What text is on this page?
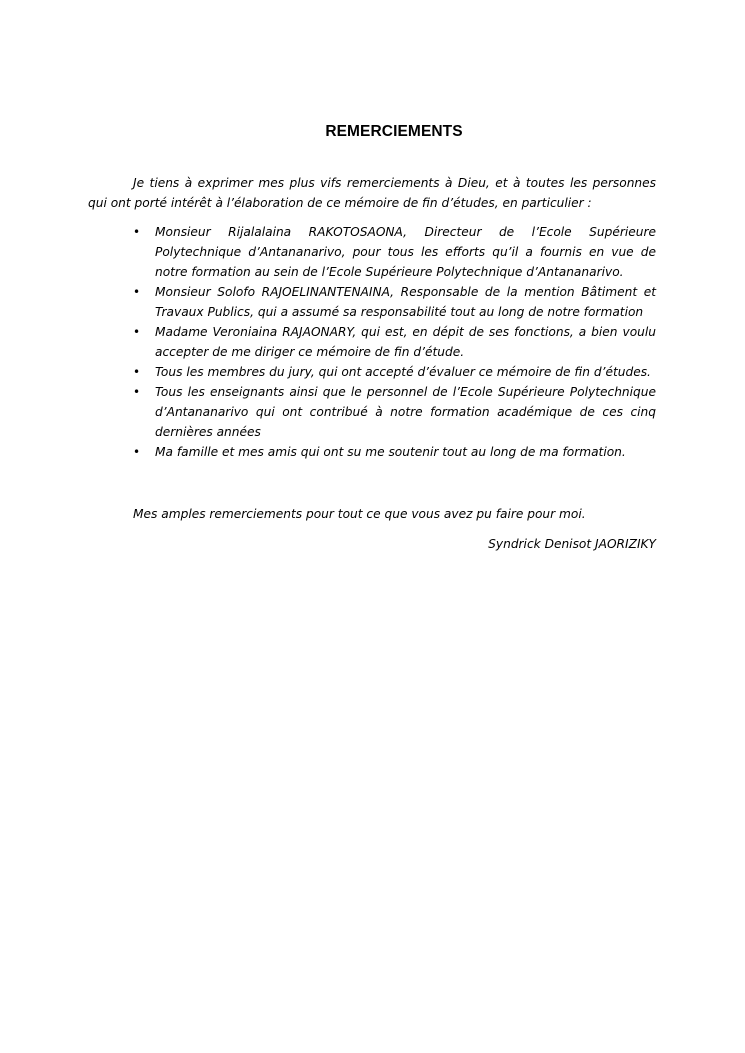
REMERCIEMENTS

Je tiens à exprimer mes plus vifs remerciements à Dieu, et à toutes les personnes qui ont porté intérêt à l’élaboration de ce mémoire de fin d’études, en particulier :

• Monsieur Rijalalaina RAKOTOSAONA, Directeur de l’Ecole Supérieure Polytechnique d’Antananarivo, pour tous les efforts qu’il a fournis en vue de notre formation au sein de l’Ecole Supérieure Polytechnique d’Antananarivo.
• Monsieur Solofo RAJOELINANTENAINA, Responsable de la mention Bâtiment et Travaux Publics, qui a assumé sa responsabilité tout au long de notre formation
• Madame Veroniaina RAJAONARY, qui est, en dépit de ses fonctions, a bien voulu accepter de me diriger ce mémoire de fin d’étude.
• Tous les membres du jury, qui ont accepté d’évaluer ce mémoire de fin d’études.
• Tous les enseignants ainsi que le personnel de l’Ecole Supérieure Polytechnique d’Antananarivo qui ont contribué à notre formation académique de ces cinq dernières années
• Ma famille et mes amis qui ont su me soutenir tout au long de ma formation.

Mes amples remerciements pour tout ce que vous avez pu faire pour moi.

Syndrick Denisot JAORIZIKY
